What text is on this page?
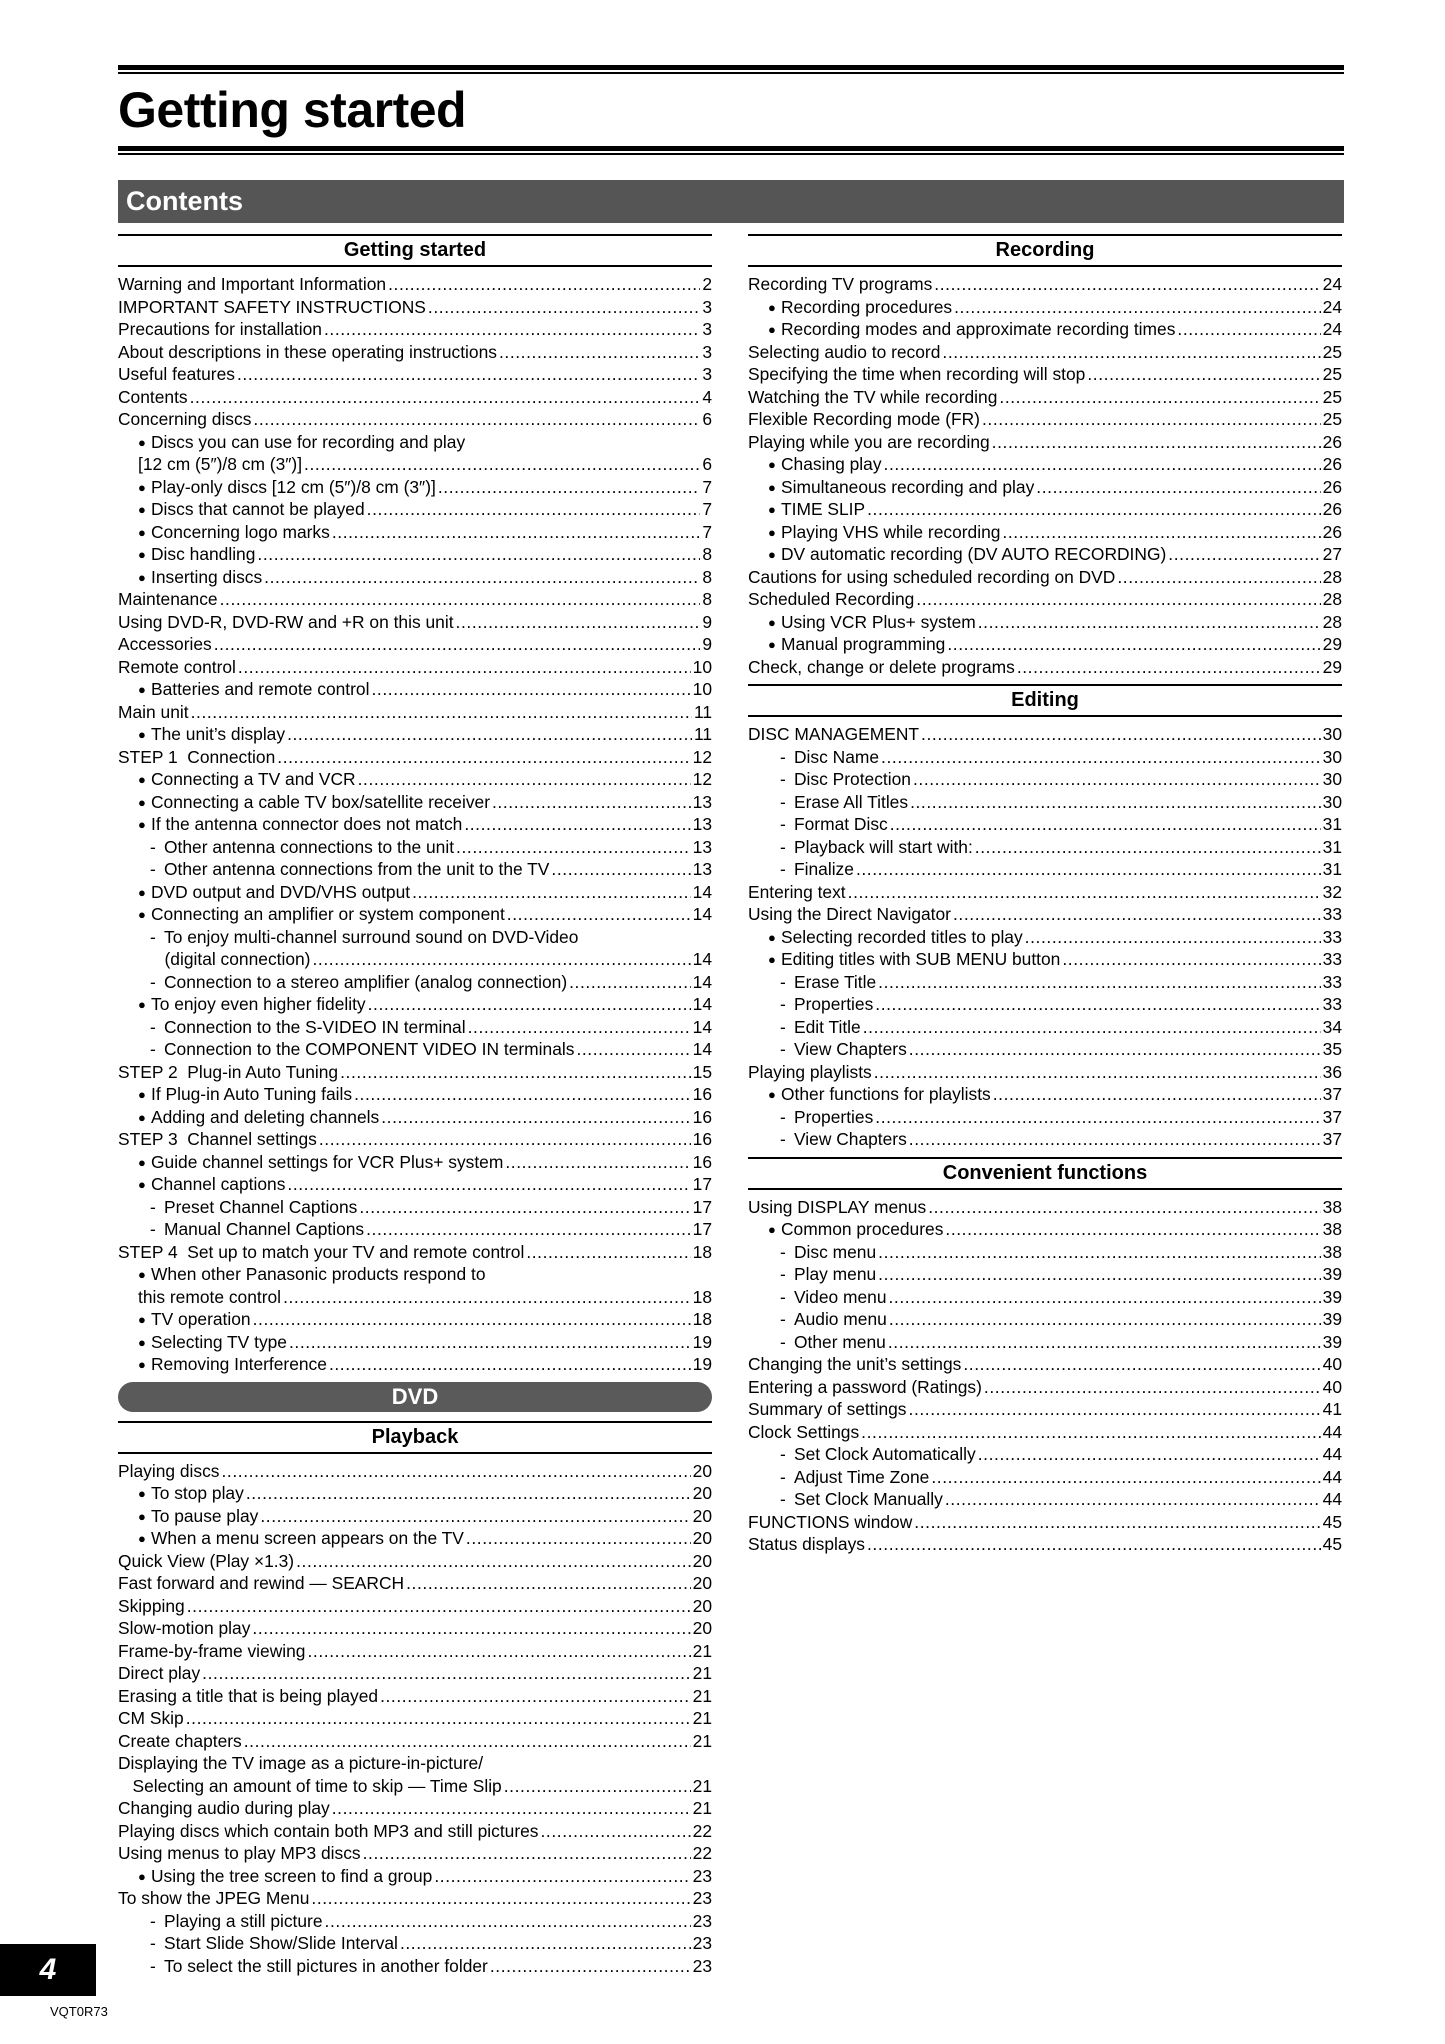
Getting started
Contents
Getting started
Warning and Important Information .....	2
IMPORTANT SAFETY INSTRUCTIONS .....	3
Precautions for installation .....	3
About descriptions in these operating instructions .....	3
Useful features .....	3
Contents .....	4
Concerning discs .....	6
● Discs you can use for recording and play
[12 cm (5″)/8 cm (3″)] .....	6
● Play-only discs [12 cm (5″)/8 cm (3″)] .....	7
● Discs that cannot be played .....	7
● Concerning logo marks .....	7
● Disc handling .....	8
● Inserting discs .....	8
Maintenance .....	8
Using DVD-R, DVD-RW and +R on this unit .....	9
Accessories .....	9
Remote control .....	10
● Batteries and remote control .....	10
Main unit .....	11
● The unit’s display .....	11
STEP 1  Connection .....	12
● Connecting a TV and VCR .....	12
● Connecting a cable TV box/satellite receiver .....	13
● If the antenna connector does not match .....	13
- Other antenna connections to the unit .....	13
- Other antenna connections from the unit to the TV .....	13
● DVD output and DVD/VHS output .....	14
● Connecting an amplifier or system component .....	14
- To enjoy multi-channel surround sound on DVD-Video
(digital connection) .....	14
- Connection to a stereo amplifier (analog connection) .....	14
● To enjoy even higher fidelity .....	14
- Connection to the S-VIDEO IN terminal .....	14
- Connection to the COMPONENT VIDEO IN terminals .....	14
STEP 2  Plug-in Auto Tuning .....	15
● If Plug-in Auto Tuning fails .....	16
● Adding and deleting channels .....	16
STEP 3  Channel settings .....	16
● Guide channel settings for VCR Plus+ system .....	16
● Channel captions .....	17
- Preset Channel Captions .....	17
- Manual Channel Captions .....	17
STEP 4  Set up to match your TV and remote control .....	18
● When other Panasonic products respond to
this remote control .....	18
● TV operation .....	18
● Selecting TV type .....	19
● Removing Interference .....	19
DVD
Playback
Playing discs .....	20
● To stop play .....	20
● To pause play .....	20
● When a menu screen appears on the TV .....	20
Quick View (Play ×1.3) .....	20
Fast forward and rewind — SEARCH .....	20
Skipping .....	20
Slow-motion play .....	20
Frame-by-frame viewing .....	21
Direct play .....	21
Erasing a title that is being played .....	21
CM Skip .....	21
Create chapters .....	21
Displaying the TV image as a picture-in-picture/
Selecting an amount of time to skip — Time Slip .....	21
Changing audio during play .....	21
Playing discs which contain both MP3 and still pictures .....	22
Using menus to play MP3 discs .....	22
● Using the tree screen to find a group .....	23
To show the JPEG Menu .....	23
- Playing a still picture .....	23
- Start Slide Show/Slide Interval .....	23
- To select the still pictures in another folder .....	23
Recording
Recording TV programs .....	24
● Recording procedures .....	24
● Recording modes and approximate recording times .....	24
Selecting audio to record .....	25
Specifying the time when recording will stop .....	25
Watching the TV while recording .....	25
Flexible Recording mode (FR) .....	25
Playing while you are recording .....	26
● Chasing play .....	26
● Simultaneous recording and play .....	26
● TIME SLIP .....	26
● Playing VHS while recording .....	26
● DV automatic recording (DV AUTO RECORDING) .....	27
Cautions for using scheduled recording on DVD .....	28
Scheduled Recording .....	28
● Using VCR Plus+ system .....	28
● Manual programming .....	29
Check, change or delete programs .....	29
Editing
DISC MANAGEMENT .....	30
- Disc Name .....	30
- Disc Protection .....	30
- Erase All Titles .....	30
- Format Disc .....	31
- Playback will start with: .....	31
- Finalize .....	31
Entering text .....	32
Using the Direct Navigator .....	33
● Selecting recorded titles to play .....	33
● Editing titles with SUB MENU button .....	33
- Erase Title .....	33
- Properties .....	33
- Edit Title .....	34
- View Chapters .....	35
Playing playlists .....	36
● Other functions for playlists .....	37
- Properties .....	37
- View Chapters .....	37
Convenient functions
Using DISPLAY menus .....	38
● Common procedures .....	38
- Disc menu .....	38
- Play menu .....	39
- Video menu .....	39
- Audio menu .....	39
- Other menu .....	39
Changing the unit’s settings .....	40
Entering a password (Ratings) .....	40
Summary of settings .....	41
Clock Settings .....	44
- Set Clock Automatically .....	44
- Adjust Time Zone .....	44
- Set Clock Manually .....	44
FUNCTIONS window .....	45
Status displays .....	45
4
VQT0R73
